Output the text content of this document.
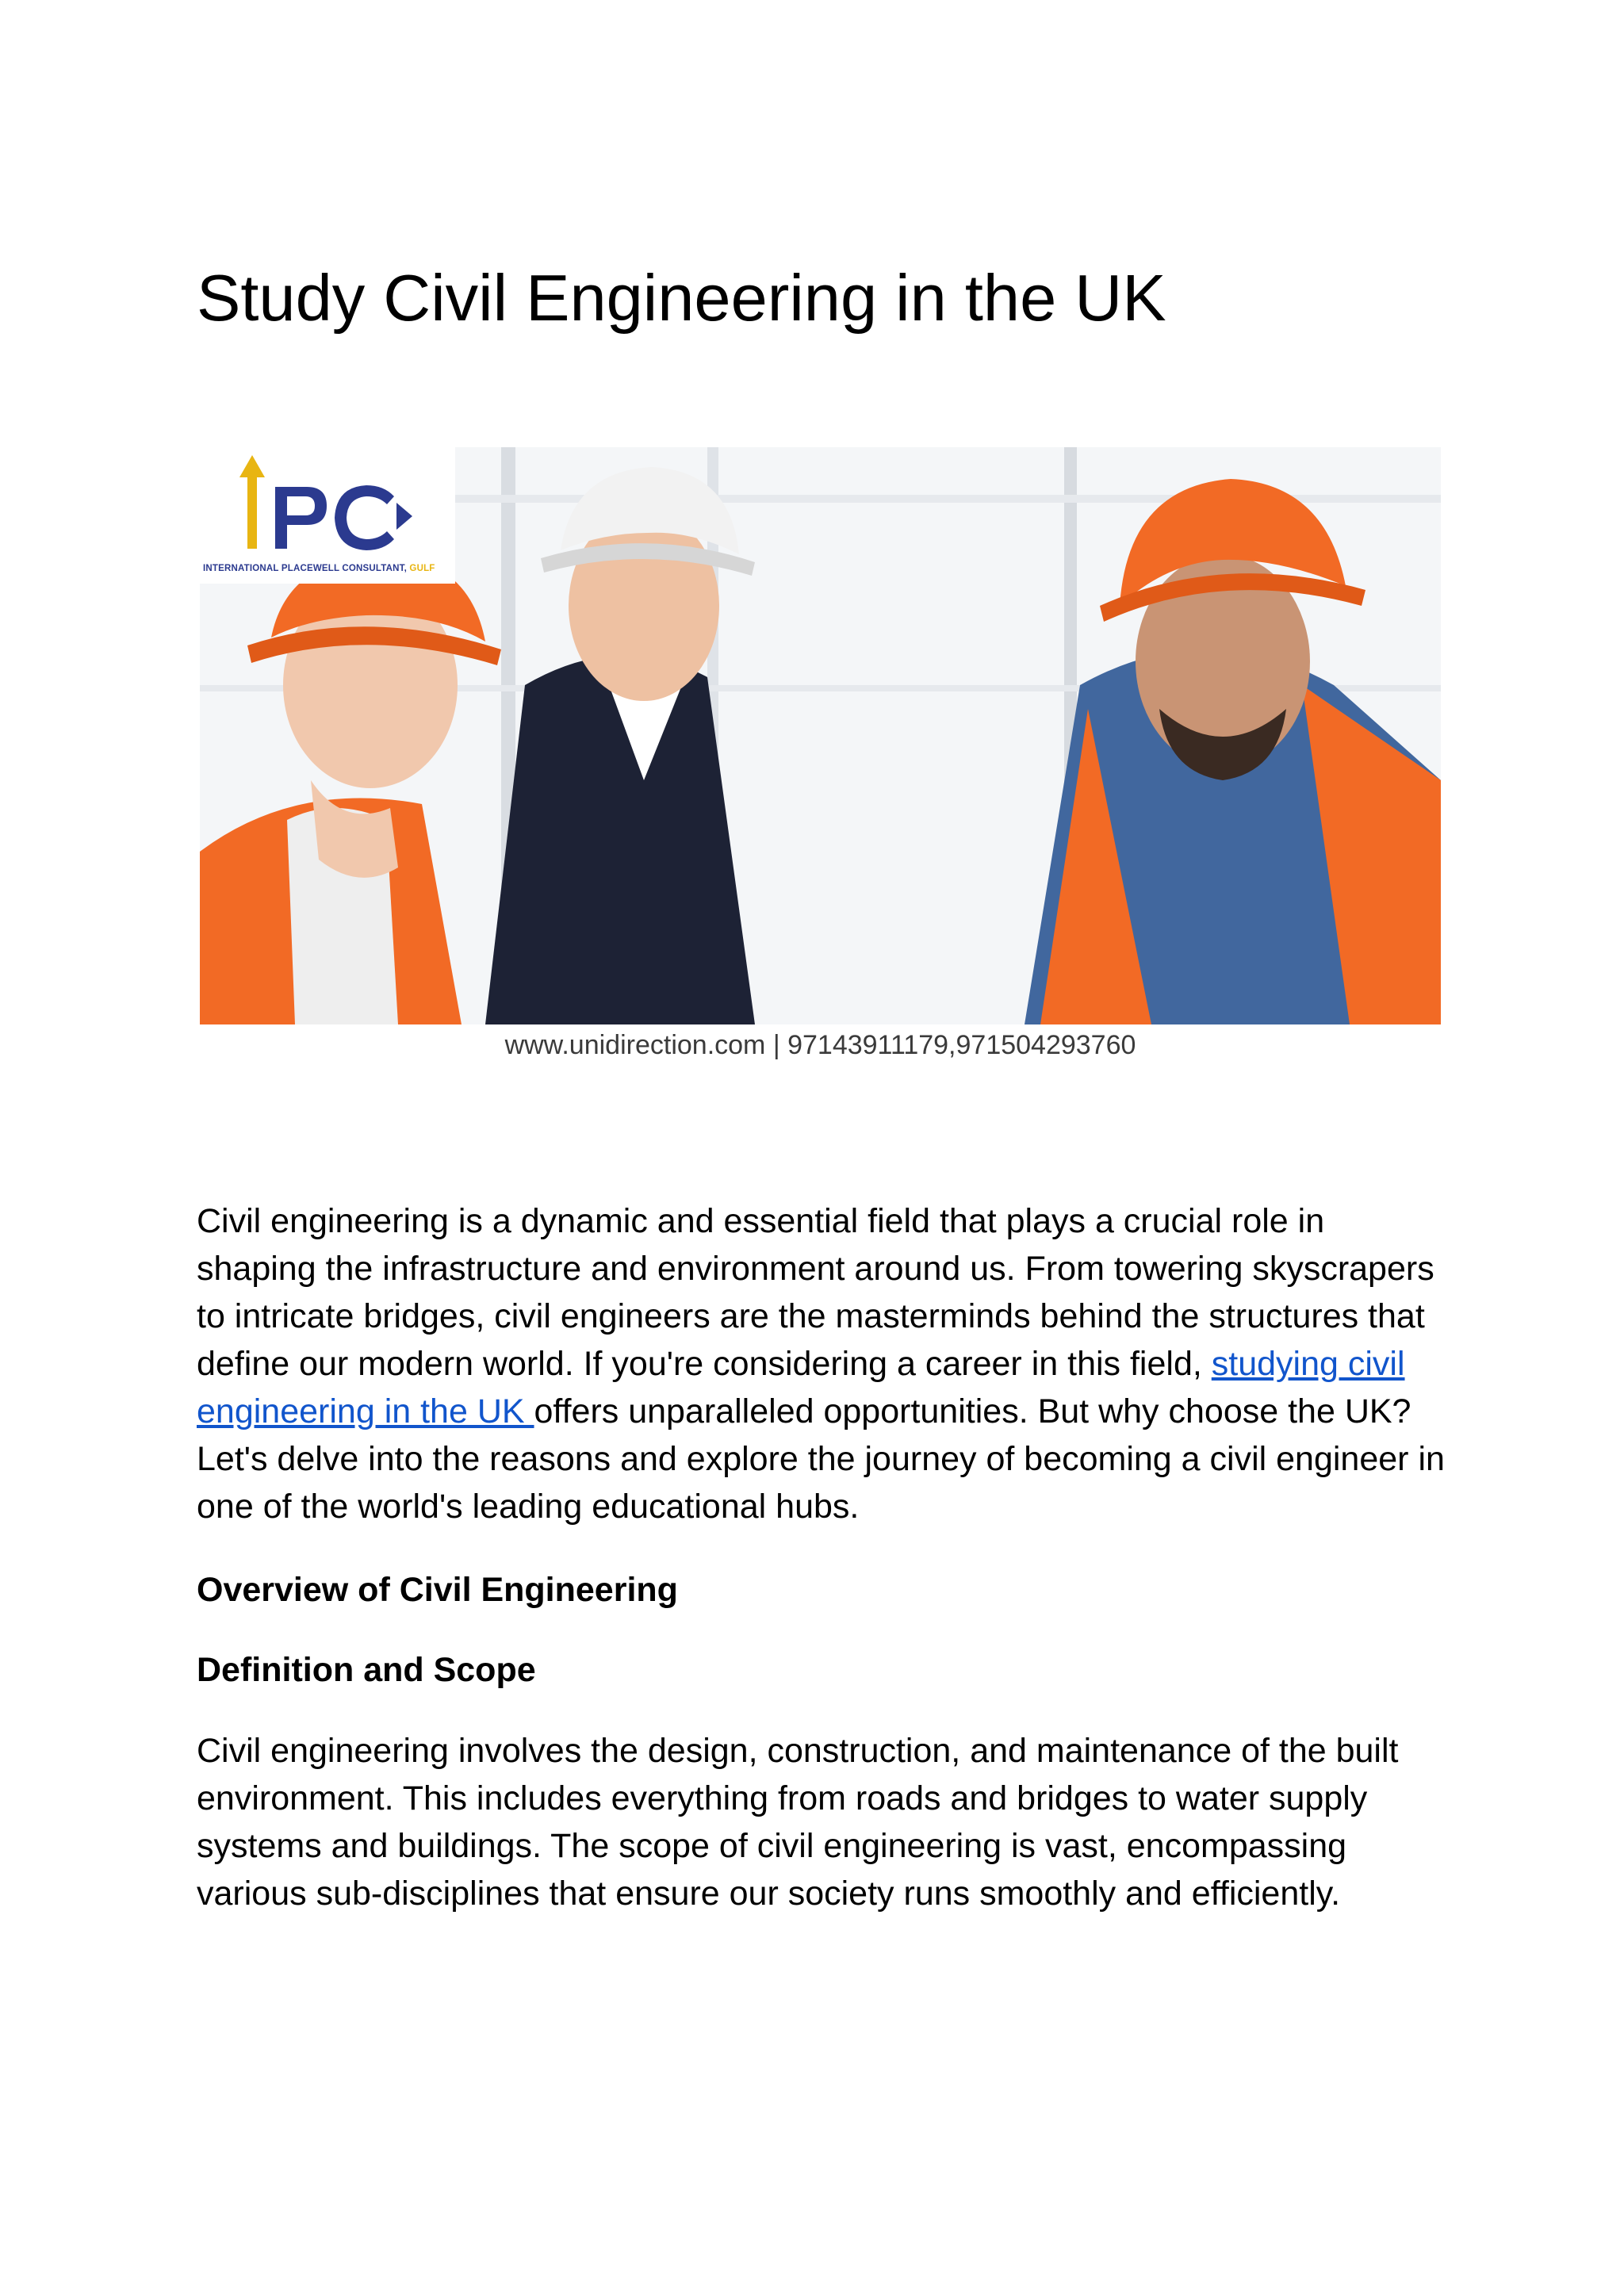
Study Civil Engineering in the UK
INTERNATIONAL PLACEWELL CONSULTANT, GULF
www.unidirection.com | 97143911179,971504293760

Civil engineering is a dynamic and essential field that plays a crucial role in shaping the infrastructure and environment around us. From towering skyscrapers to intricate bridges, civil engineers are the masterminds behind the structures that define our modern world. If you're considering a career in this field, studying civil engineering in the UK offers unparalleled opportunities. But why choose the UK? Let's delve into the reasons and explore the journey of becoming a civil engineer in one of the world's leading educational hubs.

Overview of Civil Engineering
Definition and Scope

Civil engineering involves the design, construction, and maintenance of the built environment. This includes everything from roads and bridges to water supply systems and buildings. The scope of civil engineering is vast, encompassing various sub-disciplines that ensure our society runs smoothly and efficiently.
